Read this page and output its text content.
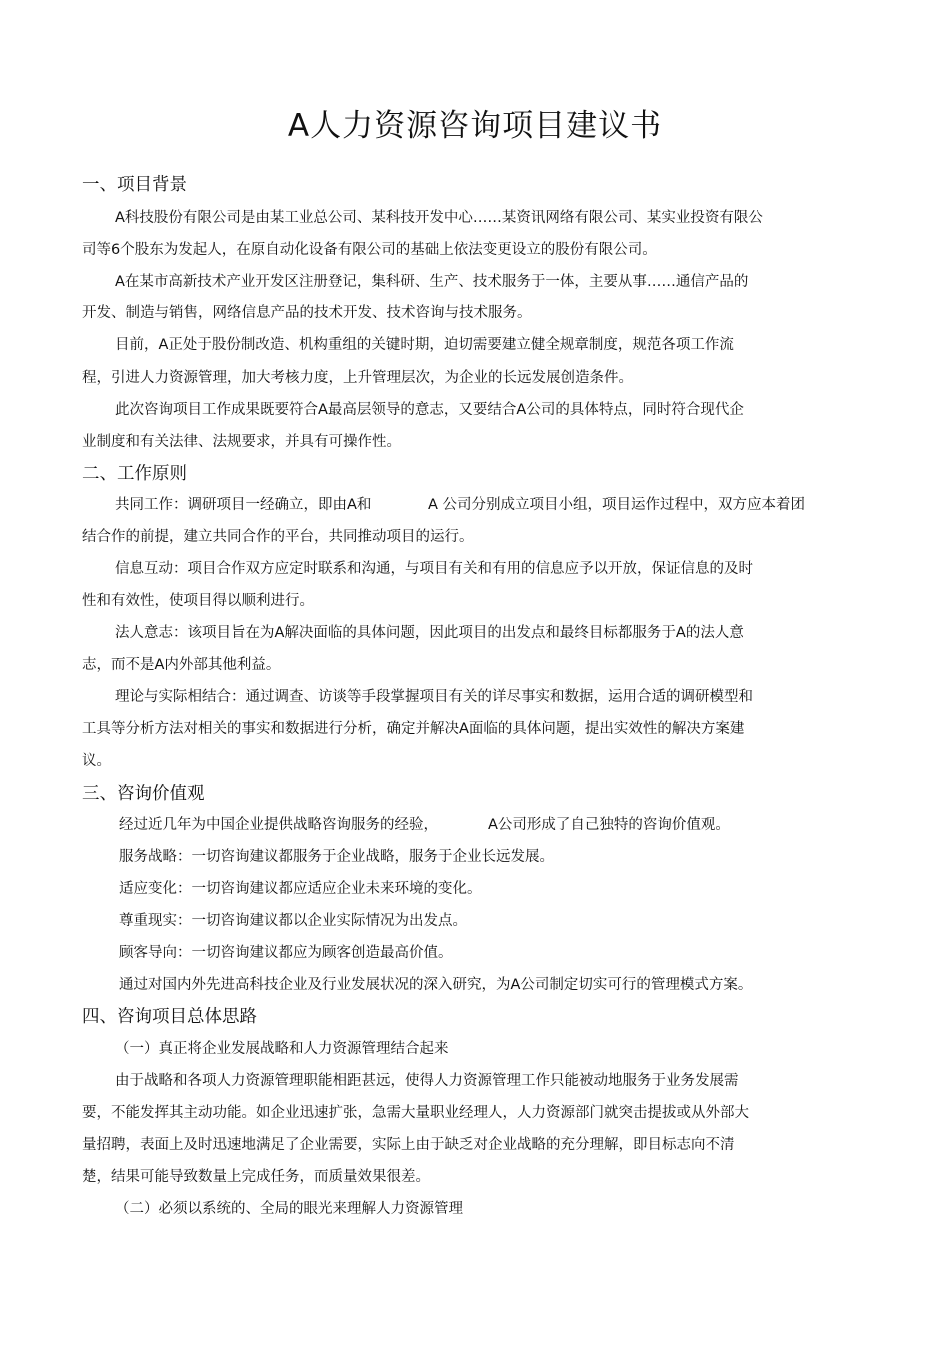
A人力资源咨询项目建议书
一、项目背景
A科技股份有限公司是由某工业总公司、某科技开发中心……某资讯网络有限公司、某实业投资有限公
司等6个股东为发起人，在原自动化设备有限公司的基础上依法变更设立的股份有限公司。
A在某市高新技术产业开发区注册登记，集科研、生产、技术服务于一体，主要从事……通信产品的
开发、制造与销售，网络信息产品的技术开发、技术咨询与技术服务。
目前，A正处于股份制改造、机构重组的关键时期，迫切需要建立健全规章制度，规范各项工作流
程，引进人力资源管理，加大考核力度，上升管理层次，为企业的长远发展创造条件。
此次咨询项目工作成果既要符合A最高层领导的意志，又要结合A公司的具体特点，同时符合现代企
业制度和有关法律、法规要求，并具有可操作性。
二、工作原则
共同工作：调研项目一经确立，即由A和	A 公司分别成立项目小组，项目运作过程中，双方应本着团
结合作的前提，建立共同合作的平台，共同推动项目的运行。
信息互动：项目合作双方应定时联系和沟通，与项目有关和有用的信息应予以开放，保证信息的及时
性和有效性，使项目得以顺利进行。
法人意志：该项目旨在为A解决面临的具体问题，因此项目的出发点和最终目标都服务于A的法人意
志，而不是A内外部其他利益。
理论与实际相结合：通过调查、访谈等手段掌握项目有关的详尽事实和数据，运用合适的调研模型和
工具等分析方法对相关的事实和数据进行分析，确定并解决A面临的具体问题，提出实效性的解决方案建
议。
三、咨询价值观
经过近几年为中国企业提供战略咨询服务的经验，	A公司形成了自己独特的咨询价值观。
服务战略：一切咨询建议都服务于企业战略，服务于企业长远发展。
适应变化：一切咨询建议都应适应企业未来环境的变化。
尊重现实：一切咨询建议都以企业实际情况为出发点。
顾客导向：一切咨询建议都应为顾客创造最高价值。
通过对国内外先进高科技企业及行业发展状况的深入研究，为A公司制定切实可行的管理模式方案。
四、咨询项目总体思路
（一）真正将企业发展战略和人力资源管理结合起来
由于战略和各项人力资源管理职能相距甚远，使得人力资源管理工作只能被动地服务于业务发展需
要，不能发挥其主动功能。如企业迅速扩张，急需大量职业经理人，人力资源部门就突击提拔或从外部大
量招聘，表面上及时迅速地满足了企业需要，实际上由于缺乏对企业战略的充分理解，即目标志向不清
楚，结果可能导致数量上完成任务，而质量效果很差。
（二）必须以系统的、全局的眼光来理解人力资源管理
